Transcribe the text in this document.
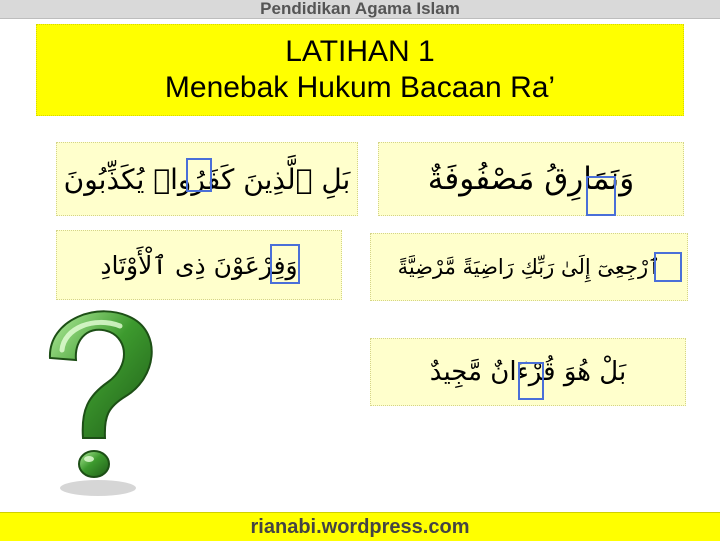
Pendidikan Agama Islam
LATIHAN 1
Menebak Hukum Bacaan Ra’
بَلِ ٱلَّذِينَ كَفَرُوا۟ يُكَذِّبُونَ وَنَمَارِقُ مَصْفُوفَةٌ
وَفِرْعَوْنَ ذِى ٱلْأَوْتَادِ	ٱرْجِعِىٓ إِلَىٰ رَبِّكِ رَاضِيَةً مَّرْضِيَّةً
بَلْ هُوَ قُرْءَانٌ مَّجِيدٌ
rianabi.wordpress.com
